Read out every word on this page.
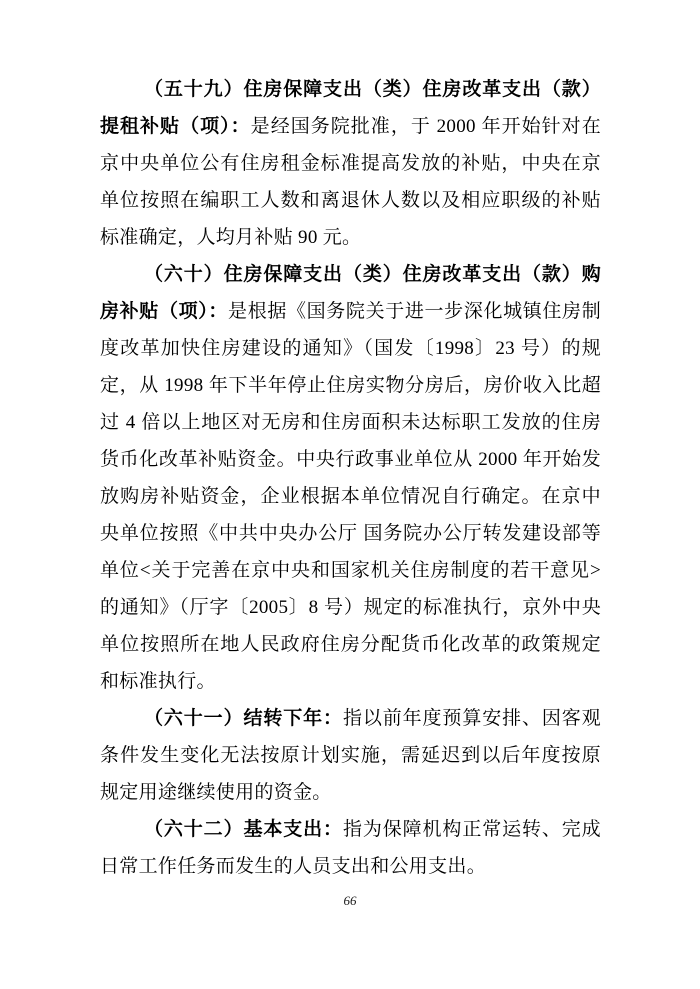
（五十九）住房保障支出（类）住房改革支出（款）提租补贴（项）：是经国务院批准，于 2000 年开始针对在京中央单位公有住房租金标准提高发放的补贴，中央在京单位按照在编职工人数和离退休人数以及相应职级的补贴标准确定，人均月补贴 90 元。

（六十）住房保障支出（类）住房改革支出（款）购房补贴（项）：是根据《国务院关于进一步深化城镇住房制度改革加快住房建设的通知》（国发〔1998〕23 号）的规定，从 1998 年下半年停止住房实物分房后，房价收入比超过 4 倍以上地区对无房和住房面积未达标职工发放的住房货币化改革补贴资金。中央行政事业单位从 2000 年开始发放购房补贴资金，企业根据本单位情况自行确定。在京中央单位按照《中共中央办公厅 国务院办公厅转发建设部等单位<关于完善在京中央和国家机关住房制度的若干意见>的通知》（厅字〔2005〕8 号）规定的标准执行，京外中央单位按照所在地人民政府住房分配货币化改革的政策规定和标准执行。

（六十一）结转下年：指以前年度预算安排、因客观条件发生变化无法按原计划实施，需延迟到以后年度按原规定用途继续使用的资金。

（六十二）基本支出：指为保障机构正常运转、完成日常工作任务而发生的人员支出和公用支出。

66
